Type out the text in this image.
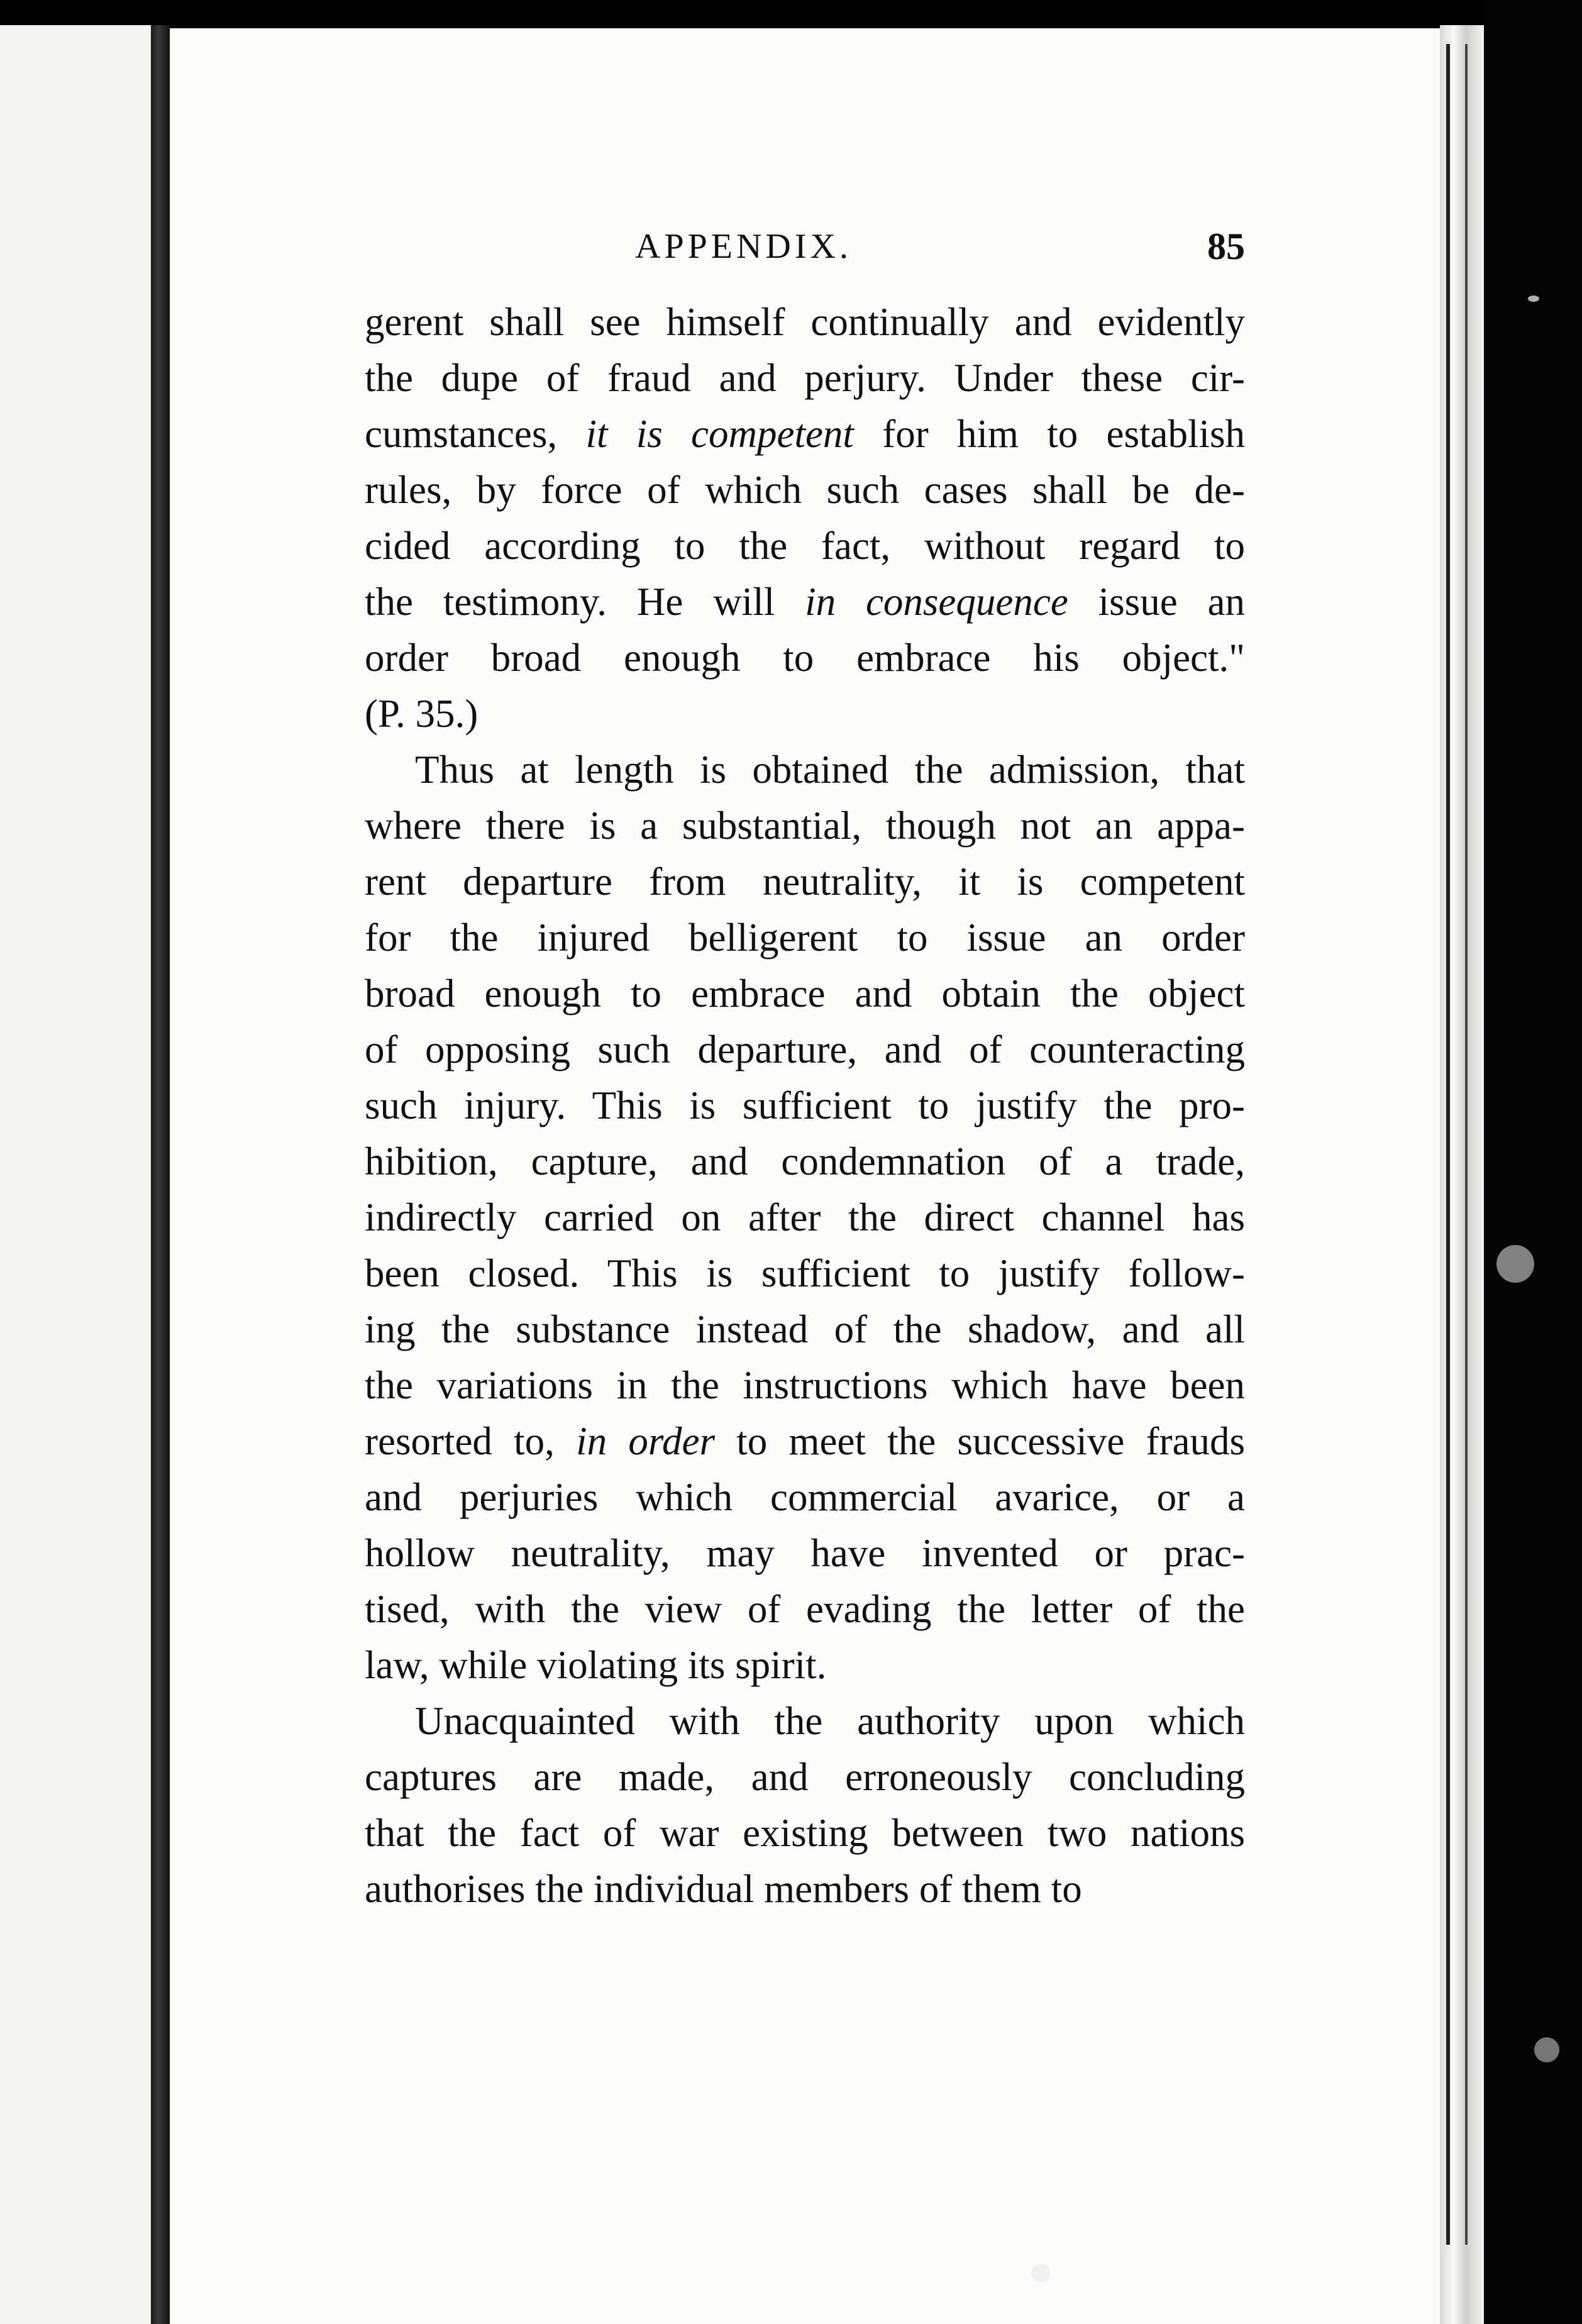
APPENDIX.	85
gerent shall see himself continually and evidently
the dupe of fraud and perjury. Under these cir-
cumstances, it is competent for him to establish
rules, by force of which such cases shall be de-
cided according to the fact, without regard to
the testimony. He will in consequence issue an
order broad enough to embrace his object."
(P. 35.)
Thus at length is obtained the admission, that
where there is a substantial, though not an appa-
rent departure from neutrality, it is competent
for the injured belligerent to issue an order
broad enough to embrace and obtain the object
of opposing such departure, and of counteracting
such injury. This is sufficient to justify the pro-
hibition, capture, and condemnation of a trade,
indirectly carried on after the direct channel has
been closed. This is sufficient to justify follow-
ing the substance instead of the shadow, and all
the variations in the instructions which have been
resorted to, in order to meet the successive frauds
and perjuries which commercial avarice, or a
hollow neutrality, may have invented or prac-
tised, with the view of evading the letter of the
law, while violating its spirit.
Unacquainted with the authority upon which
captures are made, and erroneously concluding
that the fact of war existing between two nations
authorises the individual members of them to
